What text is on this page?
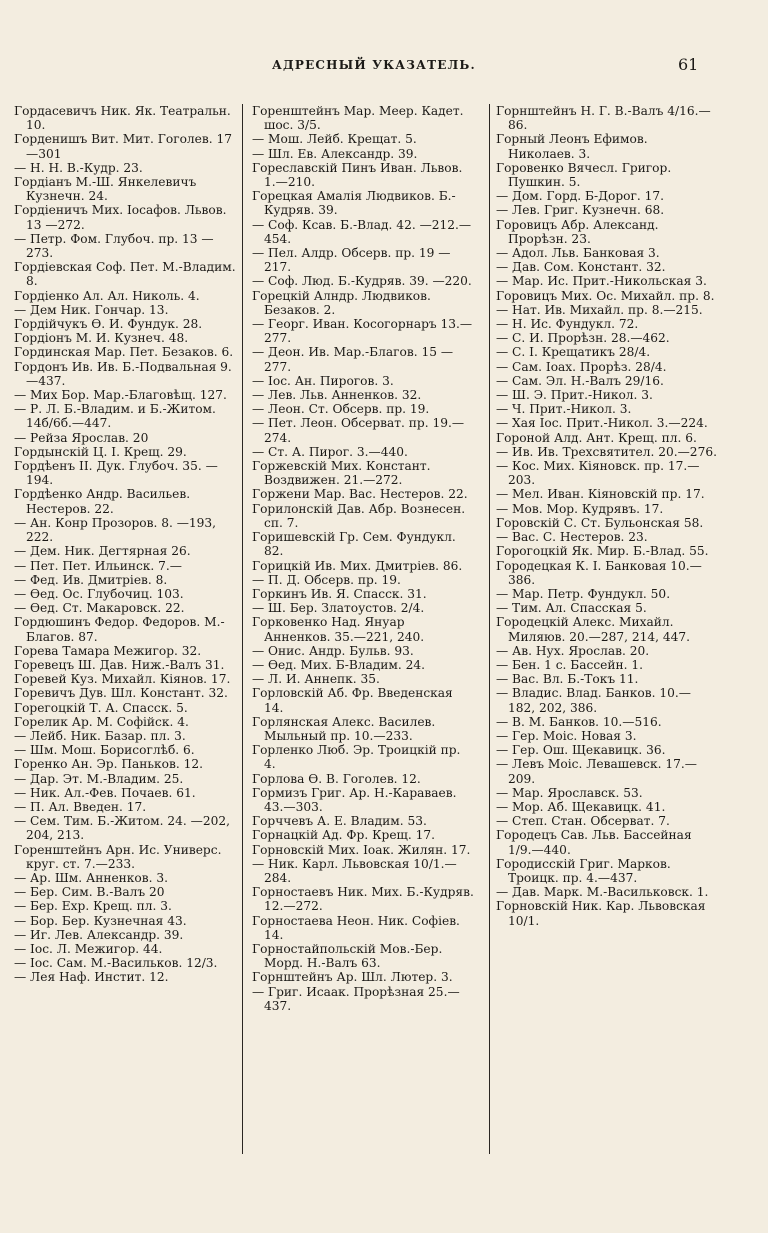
АДРЕСНЫЙ УКАЗАТЕЛЬ.	61

Гордасевичъ Ник. Як. Театральн. 10.

Горденишъ Вит. Мит. Гоголев. 17 —301

— Н. Н. В.-Кудр. 23.

Гордiанъ М.-Ш. Янкелевичъ Кузнечн. 24.

Гордiеничъ Мих. Iосафов. Львов. 13 —272.

— Петр. Фом. Глубоч. пр. 13 —273.

Гордiевская Соф. Пет. М.-Владим. 8.

Гордiенко Ал. Ал. Николь. 4.

— Дем Ник. Гончар. 13.

Гордiйчукъ Ө. И. Фундук. 28.

Гордiонъ М. И. Кузнеч. 48.

Гординская Мар. Пет. Безаков. 6.

Гордонъ Ив. Ив. Б.-Подвальная 9.—437.

— Мих Бор. Мар.-Благовѣщ. 127.

— Р. Л. Б.-Владим. и Б.-Житом. 14б/6б.—447.

— Рейза Ярослав. 20

Гордынскiй Ц. I. Крещ. 29.

Гордѣенъ II. Дук. Глубоч. 35. —194.

Гордѣенко Андр. Васильев. Нестеров. 22.

— Ан. Конр Прозоров. 8. —193, 222.

— Дем. Ник. Дегтярная 26.

— Пет. Пет. Ильинск. 7.—

— Фед. Ив. Дмитрiев. 8.

— Өед. Ос. Глубочиц. 103.

— Өед. Ст. Макаровск. 22.

Гордюшинъ Федор. Федоров. М.-Благов. 87.

Горева Тамара Межигор. 32.

Горевецъ Ш. Дав. Ниж.-Валъ 31.

Горевей Куз. Михайл. Кiянов. 17.

Горевичъ Дув. Шл. Констант. 32.

Горегоцкiй Т. А. Спасск. 5.

Горелик Ар. М. Софiйск. 4.

— Лейб. Ник. Базар. пл. 3.

— Шм. Мош. Борисоглѣб. 6.

Горенко Ан. Эр. Паньков. 12.

— Дар. Эт. М.-Владим. 25.

— Ник. Ал.-Фев. Почаев. 61.

— П. Ал. Введен. 17.

— Сем. Тим. Б.-Житом. 24. —202, 204, 213.

Горенштейнъ Арн. Ис. Универс. круг. ст. 7.—233.

— Ар. Шм. Анненков. 3.

— Бер. Сим. В.-Валъ 20

— Бер. Ехр. Крещ. пл. 3.

— Бор. Бер. Кузнечная 43.

— Иг. Лев. Александр. 39.

— Iос. Л. Межигор. 44.

— Iос. Сам. М.-Васильков. 12/3.

— Лея Наф. Инстит. 12.

Горенштейнъ Мар. Меер. Кадет. шос. 3/5.

— Мош. Лейб. Крещат. 5.

— Шл. Ев. Александр. 39.

Гореславскiй Пинъ Иван. Львов. 1.—210.

Горецкая Амалiя Людвиков. Б.-Кудряв. 39.

— Соф. Ксав. Б.-Влад. 42. —212.—454.

— Пел. Алдр. Обсерв. пр. 19 —217.

— Соф. Люд. Б.-Кудряв. 39. —220.

Горецкiй Алндр. Людвиков. Безаков. 2.

— Георг. Иван. Косогорнаръ 13.—277.

— Деон. Ив. Мар.-Благов. 15 —277.

— Iос. Ан. Пирогов. 3.

— Лев. Льв. Анненков. 32.

— Леон. Ст. Обсерв. пр. 19.

— Пет. Леон. Обсерват. пр. 19.—274.

— Ст. А. Пирог. 3.—440.

Горжевскiй Мих. Констант. Воздвижен. 21.—272.

Горжени Мар. Вас. Нестеров. 22.

Горилонскiй Дав. Абр. Вознесен. сп. 7.

Горишевскiй Гр. Сем. Фундукл. 82.

Горицкiй Ив. Мих. Дмитрiев. 86.

— П. Д. Обсерв. пр. 19.

Горкинъ Ив. Я. Спасск. 31.

— Ш. Бер. Златоустов. 2/4.

Горковенко Над. Януар Анненков. 35.—221, 240.

— Онис. Андр. Бульв. 93.

— Өед. Мих. Б-Владим. 24.

— Л. И. Аннепк. 35.

Горловскiй Аб. Фр. Введенская 14.

Горлянская Алекс. Василев. Мыльный пр. 10.—233.

Горленко Люб. Эр. Троицкiй пр. 4.

Горлова Ө. В. Гоголев. 12.

Гормизъ Григ. Ар. Н.-Караваев. 43.—303.

Горччевъ А. Е. Владим. 53.

Горнацкiй Ад. Фр. Крещ. 17.

Горновскiй Мих. Iоак. Жилян. 17.

— Ник. Карл. Львовская 10/1.—284.

Горностаевъ Ник. Мих. Б.-Кудряв. 12.—272.

Горностаева Неон. Ник. Софiев. 14.

Горностайпольскiй Мов.-Бер. Морд. Н.-Валъ 63.

Горнштейнъ Ар. Шл. Лютер. 3.

— Григ. Исаак. Прорѣзная 25.—437.

Горнштейнъ Н. Г. В.-Валъ 4/16.—86.

Горный Леонъ Ефимов. Николаев. 3.

Горовенко Вячесл. Григор. Пушкин. 5.

— Дом. Горд. Б-Дорог. 17.

— Лев. Григ. Кузнечн. 68.

Горовицъ Абр. Александ. Прорѣзн. 23.

— Адол. Льв. Банковая 3.

— Дав. Сом. Констант. 32.

— Мар. Ис. Прит.-Никольская 3.

Горовицъ Мих. Ос. Михайл. пр. 8.

— Нат. Ив. Михайл. пр. 8.—215.

— Н. Ис. Фундукл. 72.

— С. И. Прорѣзн. 28.—462.

— С. I. Крещатикъ 28/4.

— Сам. Iоах. Прорѣз. 28/4.

— Сам. Эл. Н.-Валъ 29/16.

— Ш. Э. Прит.-Никол. 3.

— Ч. Прит.-Никол. 3.

— Хая Iос. Прит.-Никол. 3.—224.

Гороной Алд. Ант. Крещ. пл. 6.

— Ив. Ив. Трехсвятител. 20.—276.

— Кос. Мих. Кiяновск. пр. 17.—203.

— Мел. Иван. Кiяновскiй пр. 17.

— Мов. Мор. Кудрявъ. 17.

Горовскiй С. Ст. Бульонская 58.

— Вас. С. Нестеров. 23.

Горогоцкiй Як. Мир. Б.-Влад. 55.

Городецкая К. I. Банковая 10.—386.

— Мар. Петр. Фундукл. 50.

— Тим. Ал. Спасская 5.

Городецкiй Алекс. Михайл. Миляюв. 20.—287, 214, 447.

— Ав. Нух. Ярослав. 20.

— Бен. 1 с. Бассейн. 1.

— Вас. Вл. Б.-Токъ 11.

— Владис. Влад. Банков. 10.—182, 202, 386.

— В. М. Банков. 10.—516.

— Гер. Моiс. Новая 3.

— Гер. Ош. Щекавицк. 36.

— Левъ Моiс. Левашевск. 17.—209.

— Мар. Ярославск. 53.

— Мор. Аб. Щекавицк. 41.

— Степ. Стан. Обсерват. 7.

Городецъ Сав. Льв. Бассейная 1/9.—440.

Городисскiй Григ. Марков. Троицк. пр. 4.—437.

— Дав. Марк. М.-Васильковск. 1.

Горновскiй Ник. Кар. Львовская 10/1.
